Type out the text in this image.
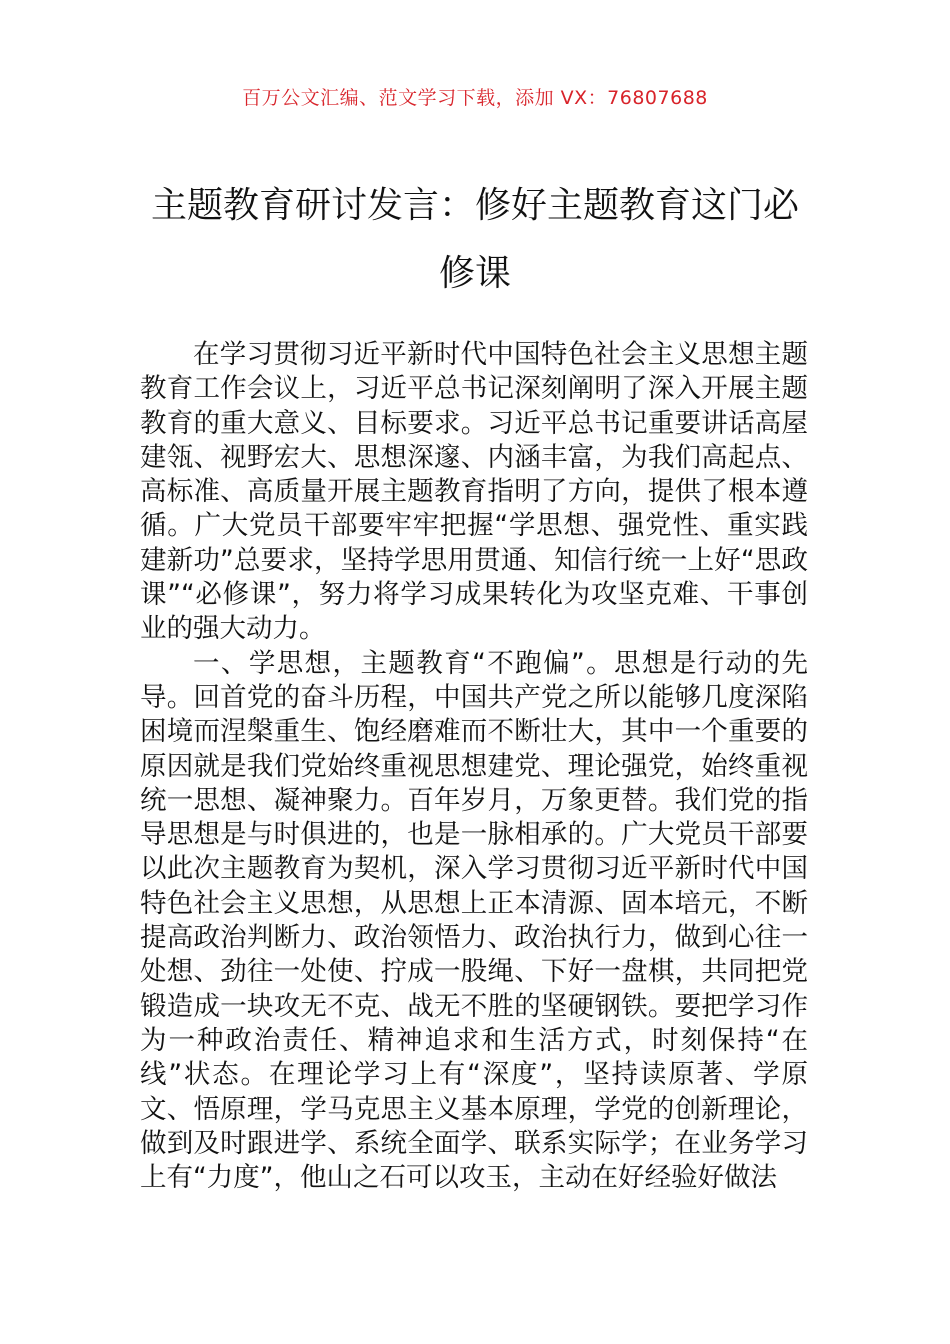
百万公文汇编、范文学习下载，添加 VX：76807688
主题教育研讨发言：修好主题教育这门必修课

在学习贯彻习近平新时代中国特色社会主义思想主题教育工作会议上，习近平总书记深刻阐明了深入开展主题教育的重大意义、目标要求。习近平总书记重要讲话高屋建瓴、视野宏大、思想深邃、内涵丰富，为我们高起点、高标准、高质量开展主题教育指明了方向，提供了根本遵循。广大党员干部要牢牢把握“学思想、强党性、重实践建新功”总要求，坚持学思用贯通、知信行统一上好“思政课”“必修课”，努力将学习成果转化为攻坚克难、干事创业的强大动力。

一、学思想，主题教育“不跑偏”。思想是行动的先导。回首党的奋斗历程，中国共产党之所以能够几度深陷困境而涅槃重生、饱经磨难而不断壮大，其中一个重要的原因就是我们党始终重视思想建党、理论强党，始终重视统一思想、凝神聚力。百年岁月，万象更替。我们党的指导思想是与时俱进的，也是一脉相承的。广大党员干部要以此次主题教育为契机，深入学习贯彻习近平新时代中国特色社会主义思想，从思想上正本清源、固本培元，不断提高政治判断力、政治领悟力、政治执行力，做到心往一处想、劲往一处使、拧成一股绳、下好一盘棋，共同把党锻造成一块攻无不克、战无不胜的坚硬钢铁。要把学习作为一种政治责任、精神追求和生活方式，时刻保持“在线”状态。在理论学习上有“深度”，坚持读原著、学原文、悟原理，学马克思主义基本原理，学党的创新理论，做到及时跟进学、系统全面学、联系实际学；在业务学习上有“力度”，他山之石可以攻玉，主动在好经验好做法
